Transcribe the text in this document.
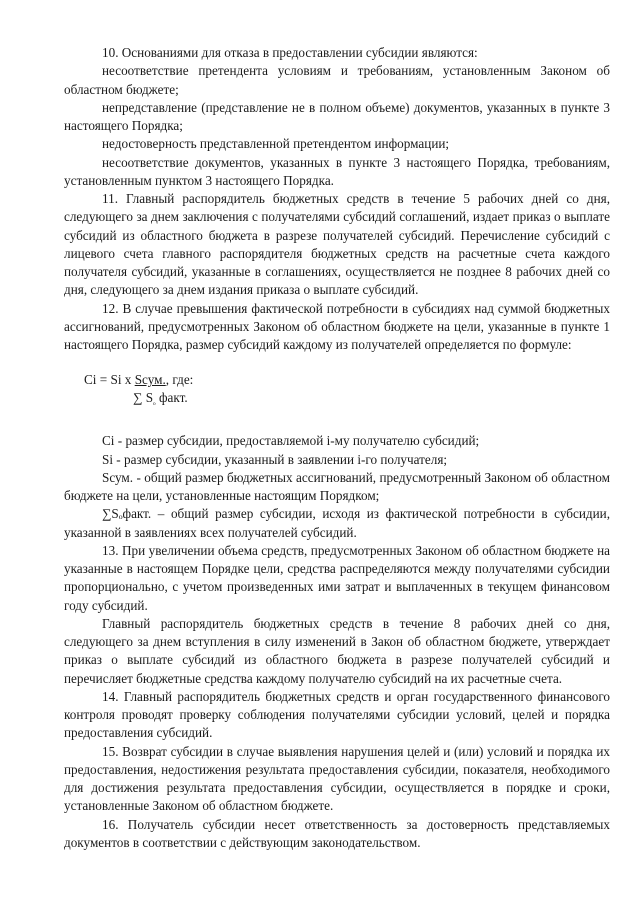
10. Основаниями для отказа в предоставлении субсидии являются:

несоответствие претендента условиям и требованиям, установленным Законом об областном бюджете;

непредставление (представление не в полном объеме) документов, указанных в пункте 3 настоящего Порядка;

недостоверность представленной претендентом информации;

несоответствие документов, указанных в пункте 3 настоящего Порядка, требованиям, установленным пунктом 3 настоящего Порядка.

11. Главный распорядитель бюджетных средств в течение 5 рабочих дней со дня, следующего за днем заключения с получателями субсидий соглашений, издает приказ о выплате субсидий из областного бюджета в разрезе получателей субсидий. Перечисление субсидий с лицевого счета главного распорядителя бюджетных средств на расчетные счета каждого получателя субсидий, указанные в соглашениях, осуществляется не позднее 8 рабочих дней со дня, следующего за днем издания приказа о выплате субсидий.

12. В случае превышения фактической потребности в субсидиях над суммой бюджетных ассигнований, предусмотренных Законом об областном бюджете на цели, указанные в пункте 1 настоящего Порядка, размер субсидий каждому из получателей определяется по формуле:

Ci = Si x Sсум., где:
∑ $S_{_o}$ факт.

Ci - размер субсидии, предоставляемой i-му получателю субсидий;

Si - размер субсидии, указанный в заявлении i-го получателя;

Sсум. - общий размер бюджетных ассигнований, предусмотренный Законом об областном бюджете на цели, установленные настоящим Порядком;

∑Sₒфакт. – общий размер субсидии, исходя из фактической потребности в субсидии, указанной в заявлениях всех получателей субсидий.

13. При увеличении объема средств, предусмотренных Законом об областном бюджете на указанные в настоящем Порядке цели, средства распределяются между получателями субсидии пропорционально, с учетом произведенных ими затрат и выплаченных в текущем финансовом году субсидий.

Главный распорядитель бюджетных средств в течение 8 рабочих дней со дня, следующего за днем вступления в силу изменений в Закон об областном бюджете, утверждает приказ о выплате субсидий из областного бюджета в разрезе получателей субсидий и перечисляет бюджетные средства каждому получателю субсидий на их расчетные счета.

14. Главный распорядитель бюджетных средств и орган государственного финансового контроля проводят проверку соблюдения получателями субсидии условий, целей и порядка предоставления субсидий.

15. Возврат субсидии в случае выявления нарушения целей и (или) условий и порядка их предоставления, недостижения результата предоставления субсидии, показателя, необходимого для достижения результата предоставления субсидии, осуществляется в порядке и сроки, установленные Законом об областном бюджете.

16. Получатель субсидии несет ответственность за достоверность представляемых документов в соответствии с действующим законодательством.
